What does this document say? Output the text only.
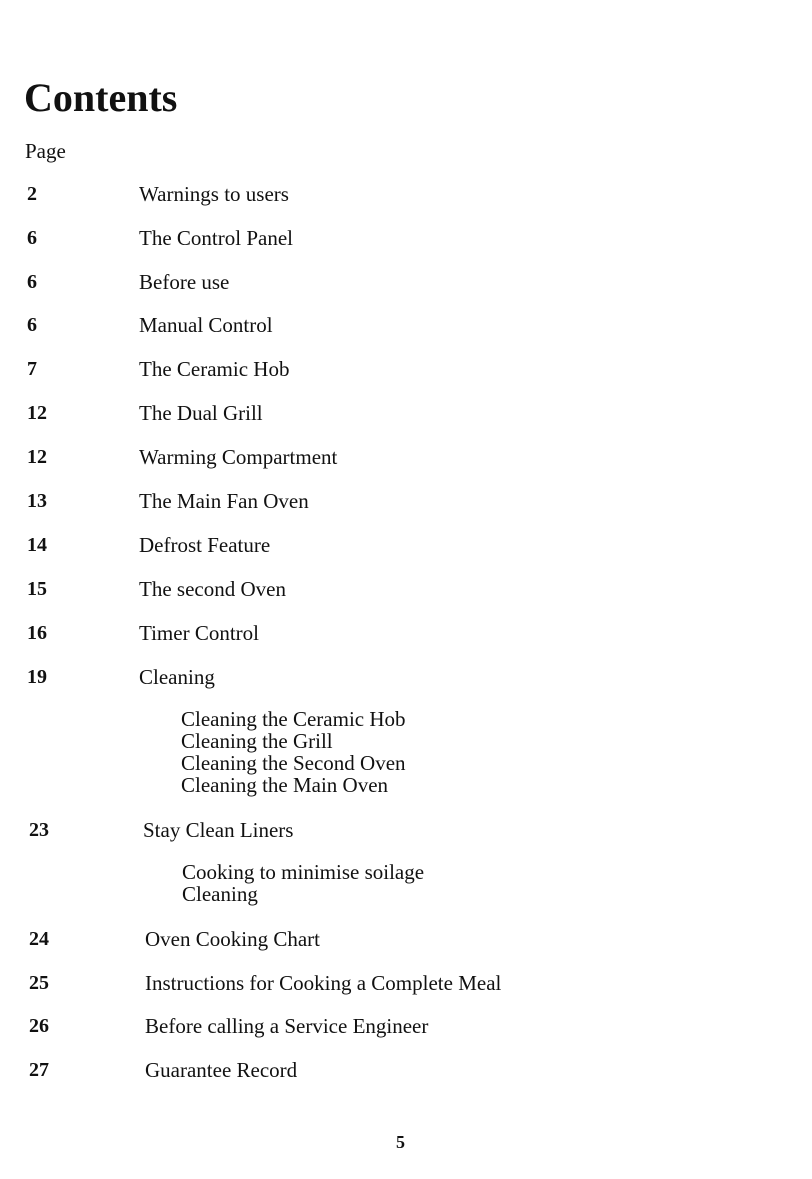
Contents
Page
2	Warnings to users
6	The Control Panel
6	Before use
6	Manual Control
7	The Ceramic Hob
12	The Dual Grill
12	Warming Compartment
13	The Main Fan Oven
14	Defrost Feature
15	The second Oven
16	Timer Control
19	Cleaning
Cleaning the Ceramic Hob
Cleaning the Grill
Cleaning the Second Oven
Cleaning the Main Oven
23	Stay Clean Liners
Cooking to minimise soilage
Cleaning
24	Oven Cooking Chart
25	Instructions for Cooking a Complete Meal
26	Before calling a Service Engineer
27	Guarantee Record
5
